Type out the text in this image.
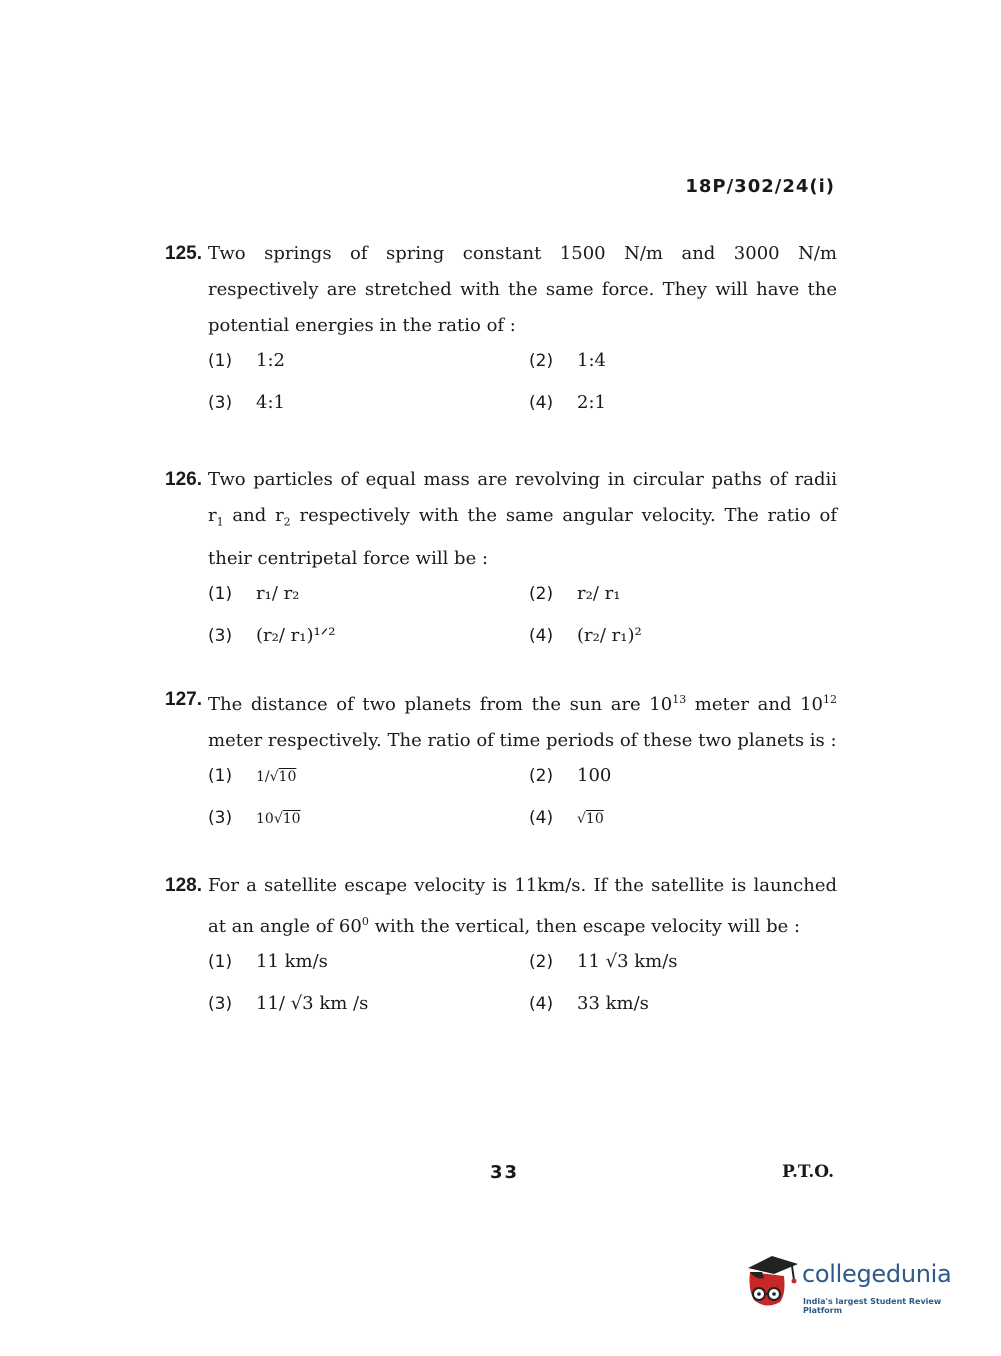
18P/302/24(i)
125. Two springs of spring constant 1500 N/m and 3000 N/m respectively are stretched with the same force. They will have the potential energies in the ratio of :
(1) 1:2	(2) 1:4
(3) 4:1	(4) 2:1
126. Two particles of equal mass are revolving in circular paths of radii $r_1$ and $r_2$ respectively with the same angular velocity. The ratio of their centripetal force will be :
(1) r₁/ r₂	(2) r₂/ r₁
(3) (r₂/ r₁)¹ᐟ²	(4) (r₂/ r₁)²
127. The distance of two planets from the sun are $10^{13}$ meter and $10^{12}$ meter respectively. The ratio of time periods of these two planets is :
(1) 1/√10	(2) 100
(3) 10√10	(4) √10
128. For a satellite escape velocity is 11km/s. If the satellite is launched at an angle of $60^0$ with the vertical, then escape velocity will be :
(1) 11 km/s	(2) 11 √3 km/s
(3) 11/ √3 km /s	(4) 33 km/s
33	P.T.O.
collegedunia
India's largest Student Review Platform
